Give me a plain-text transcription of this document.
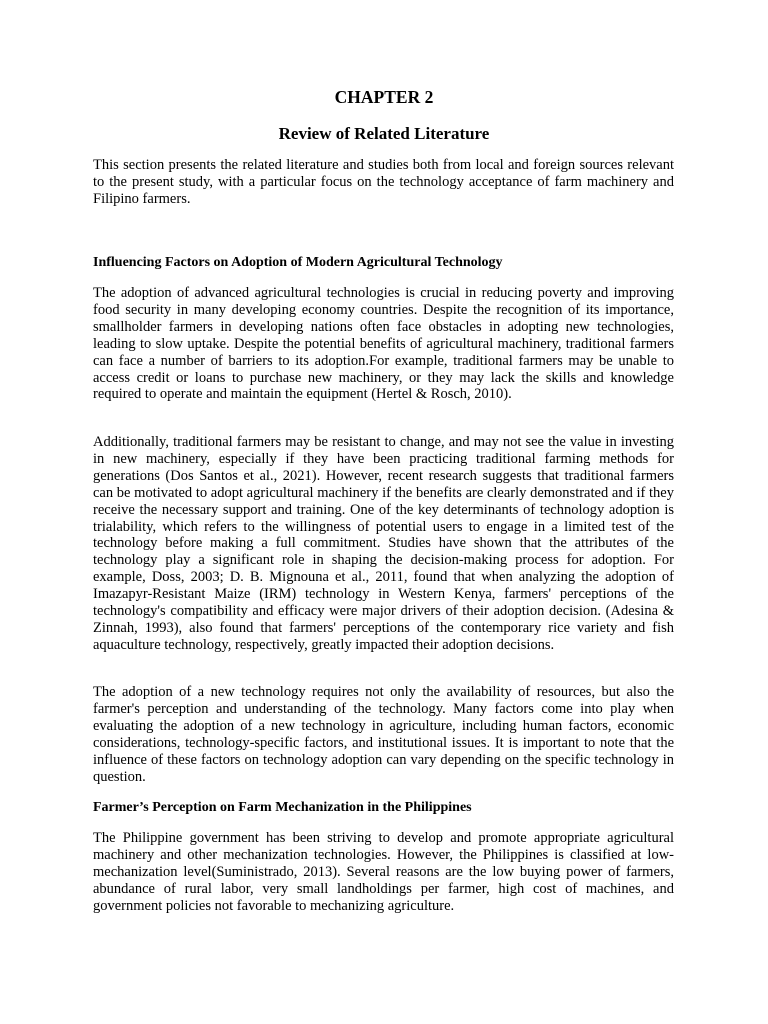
CHAPTER 2
Review of Related Literature

This section presents the related literature and studies both from local and foreign sources relevant to the present study, with a particular focus on the technology acceptance of farm machinery and Filipino farmers.

Influencing Factors on Adoption of Modern Agricultural Technology

The adoption of advanced agricultural technologies is crucial in reducing poverty and improving food security in many developing economy countries. Despite the recognition of its importance, smallholder farmers in developing nations often face obstacles in adopting new technologies, leading to slow uptake. Despite the potential benefits of agricultural machinery, traditional farmers can face a number of barriers to its adoption.For example, traditional farmers may be unable to access credit or loans to purchase new machinery, or they may lack the skills and knowledge required to operate and maintain the equipment (Hertel & Rosch, 2010).

Additionally, traditional farmers may be resistant to change, and may not see the value in investing in new machinery, especially if they have been practicing traditional farming methods for generations (Dos Santos et al., 2021). However, recent research suggests that traditional farmers can be motivated to adopt agricultural machinery if the benefits are clearly demonstrated and if they receive the necessary support and training. One of the key determinants of technology adoption is trialability, which refers to the willingness of potential users to engage in a limited test of the technology before making a full commitment. Studies have shown that the attributes of the technology play a significant role in shaping the decision-making process for adoption. For example, Doss, 2003; D. B. Mignouna et al., 2011, found that when analyzing the adoption of Imazapyr-Resistant Maize (IRM) technology in Western Kenya, farmers' perceptions of the technology's compatibility and efficacy were major drivers of their adoption decision. (Adesina & Zinnah, 1993), also found that farmers' perceptions of the contemporary rice variety and fish aquaculture technology, respectively, greatly impacted their adoption decisions.

The adoption of a new technology requires not only the availability of resources, but also the farmer's perception and understanding of the technology. Many factors come into play when evaluating the adoption of a new technology in agriculture, including human factors, economic considerations, technology-specific factors, and institutional issues. It is important to note that the influence of these factors on technology adoption can vary depending on the specific technology in question.

Farmer’s Perception on Farm Mechanization in the Philippines

The Philippine government has been striving to develop and promote appropriate agricultural machinery and other mechanization technologies. However, the Philippines is classified at low-mechanization level(Suministrado, 2013). Several reasons are the low buying power of farmers, abundance of rural labor, very small landholdings per farmer, high cost of machines, and government policies not favorable to mechanizing agriculture.
